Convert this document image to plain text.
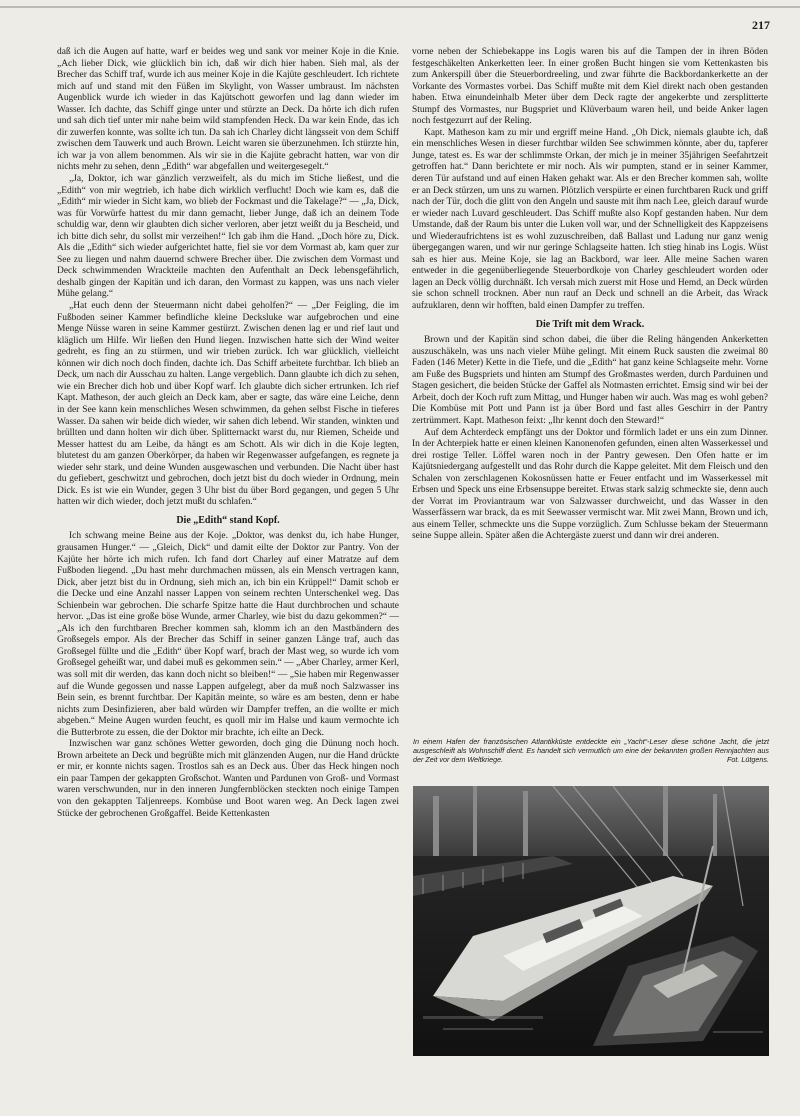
217

daß ich die Augen auf hatte, warf er beides weg und sank vor meiner Koje in die Knie. „Ach lieber Dick, wie glücklich bin ich, daß wir dich hier haben. Sieh mal, als der Brecher das Schiff traf, wurde ich aus meiner Koje in die Kajüte geschleudert. Ich richtete mich auf und stand mit den Füßen im Skylight, von Wasser umbraust. Im nächsten Augenblick wurde ich wieder in das Kajütschott geworfen und lag dann wieder im Wasser. Ich dachte, das Schiff ginge unter und stürzte an Deck. Da hörte ich dich rufen und sah dich tief unter mir nahe beim wild stampfenden Heck. Da war kein Ende, das ich dir zuwerfen konnte, was sollte ich tun. Da sah ich Charley dicht längsseit von dem Schiff zwischen dem Tauwerk und auch Brown. Leicht waren sie überzunehmen. Ich stürzte hin, ich war ja von allem benommen. Als wir sie in die Kajüte gebracht hatten, war von dir nichts mehr zu sehen, denn „Edith“ war abgefallen und weitergesegelt.“

„Ja, Doktor, ich war gänzlich verzweifelt, als du mich im Stiche ließest, und die „Edith“ von mir wegtrieb, ich habe dich wirklich verflucht! Doch wie kam es, daß die „Edith“ mir wieder in Sicht kam, wo blieb der Fockmast und die Takelage?“ — „Ja, Dick, was für Vorwürfe hattest du mir dann gemacht, lieber Junge, daß ich an deinem Tode schuldig war, denn wir glaubten dich sicher verloren, aber jetzt weißt du ja Bescheid, und ich bitte dich sehr, du sollst mir verzeihen!“ Ich gab ihm die Hand. „Doch höre zu, Dick. Als die „Edith“ sich wieder aufgerichtet hatte, fiel sie vor dem Vormast ab, kam quer zur See zu liegen und nahm dauernd schwere Brecher über. Die zwischen dem Vormast und Deck schwimmenden Wrackteile machten den Aufenthalt an Deck lebensgefährlich, deshalb gingen der Kapitän und ich daran, den Vormast zu kappen, was uns nach vieler Mühe gelang.“

„Hat euch denn der Steuermann nicht dabei geholfen?“ — „Der Feigling, die im Fußboden seiner Kammer befindliche kleine Decksluke war aufgebrochen und eine Menge Nüsse waren in seine Kammer gestürzt. Zwischen denen lag er und rief laut und kläglich um Hilfe. Wir ließen den Hund liegen. Inzwischen hatte sich der Wind weiter gedreht, es fing an zu stürmen, und wir trieben zurück. Ich war glücklich, vielleicht können wir dich noch doch finden, dachte ich. Das Schiff arbeitete furchtbar. Ich blieb an Deck, um nach dir Ausschau zu halten. Lange vergeblich. Dann glaubte ich dich zu sehen, wie ein Brecher dich hob und über Kopf warf. Ich glaubte dich sicher ertrunken. Ich rief Kapt. Matheson, der auch gleich an Deck kam, aber er sagte, das wäre eine Leiche, denn in der See kann kein menschliches Wesen schwimmen, da gehen selbst Fische in tieferes Wasser. Da sahen wir beide dich wieder, wir sahen dich lebend. Wir standen, winkten und brüllten und dann holten wir dich über. Splitternackt warst du, nur Riemen, Scheide und Messer hattest du am Leibe, da hängt es am Schott. Als wir dich in die Koje legten, blutetest du am ganzen Oberkörper, da haben wir Regenwasser aufgefangen, es regnete ja wieder sehr stark, und deine Wunden ausgewaschen und verbunden. Die Nacht über hast du gefiebert, geschwitzt und gebrochen, doch jetzt bist du doch wieder in Ordnung, mein Dick. Es ist wie ein Wunder, gegen 3 Uhr bist du über Bord gegangen, und gegen 5 Uhr hatten wir dich wieder, doch jetzt mußt du schlafen.“

Die „Edith“ stand Kopf.

Ich schwang meine Beine aus der Koje. „Doktor, was denkst du, ich habe Hunger, grausamen Hunger.“ — „Gleich, Dick“ und damit eilte der Doktor zur Pantry. Von der Kajüte her hörte ich mich rufen. Ich fand dort Charley auf einer Matratze auf dem Fußboden liegend. „Du hast mehr durchmachen müssen, als ein Mensch vertragen kann, Dick, aber jetzt bist du in Ordnung, sieh mich an, ich bin ein Krüppel!“ Damit schob er die Decke und eine Anzahl nasser Lappen von seinem rechten Unterschenkel weg. Das Schienbein war gebrochen. Die scharfe Spitze hatte die Haut durchbrochen und schaute hervor. „Das ist eine große böse Wunde, armer Charley, wie bist du dazu gekommen?“ — „Als ich den furchtbaren Brecher kommen sah, klomm ich an den Mastbändern des Großsegels empor. Als der Brecher das Schiff in seiner ganzen Länge traf, auch das Großsegel füllte und die „Edith“ über Kopf warf, brach der Mast weg, so wurde ich vom Großsegel geheißt war, und dabei muß es gekommen sein.“ — „Aber Charley, armer Kerl, was soll mit dir werden, das kann doch nicht so bleiben!“ — „Sie haben mir Regenwasser auf die Wunde gegossen und nasse Lappen aufgelegt, aber da muß noch Salzwasser ins Bein sein, es brennt furchtbar. Der Kapitän meinte, so wäre es am besten, denn er habe nichts zum Desinfizieren, aber bald würden wir Dampfer treffen, an die wollte er mich abgeben.“ Meine Augen wurden feucht, es quoll mir im Halse und kaum vermochte ich die Butterbrote zu essen, die der Doktor mir brachte, ich eilte an Deck.

Inzwischen war ganz schönes Wetter geworden, doch ging die Dünung noch hoch. Brown arbeitete an Deck und begrüßte mich mit glänzenden Augen, nur die Hand drückte er mir, er konnte nichts sagen. Trostlos sah es an Deck aus. Über das Heck hingen noch ein paar Tampen der gekappten Großschot. Wanten und Pardunen von Groß- und Vormast waren verschwunden, nur in den inneren Jungfernblöcken steckten noch einige Tampen von den gekappten Taljenreeps. Kombüse und Boot waren weg. An Deck lagen zwei Stücke der gebrochenen Großgaffel. Beide Kettenkasten

vorne neben der Schiebekappe ins Logis waren bis auf die Tampen der in ihren Böden festgeschäkelten Ankerketten leer. In einer großen Bucht hingen sie vom Kettenkasten bis zum Ankerspill über die Steuerbordreeling, und zwar führte die Backbordankerkette an der Vorkante des Vormastes vorbei. Das Schiff mußte mit dem Kiel direkt nach oben gestanden haben. Etwa einundeinhalb Meter über dem Deck ragte der angekerbte und zersplitterte Stumpf des Vormastes, nur Bugspriet und Klüverbaum waren heil, und beide Anker lagen noch festgezurrt auf der Reling.

Kapt. Matheson kam zu mir und ergriff meine Hand. „Oh Dick, niemals glaubte ich, daß ein menschliches Wesen in dieser furchtbar wilden See schwimmen könnte, aber du, tapferer Junge, tatest es. Es war der schlimmste Orkan, der mich je in meiner 35jährigen Seefahrtzeit getroffen hat.“ Dann berichtete er mir noch. Als wir pumpten, stand er in seiner Kammer, deren Tür aufstand und auf einen Haken gehakt war. Als er den Brecher kommen sah, wollte er an Deck stürzen, um uns zu warnen. Plötzlich verspürte er einen furchtbaren Ruck und griff nach der Tür, doch die glitt von den Angeln und sauste mit ihm nach Lee, gleich darauf wurde er wieder nach Luvard geschleudert. Das Schiff mußte also Kopf gestanden haben. Nur dem Umstande, daß der Raum bis unter die Luken voll war, und der Schnelligkeit des Kappzeisens und Wiederaufrichtens ist es wohl zuzuschreiben, daß Ballast und Ladung nur ganz wenig übergegangen waren, und wir nur geringe Schlagseite hatten. Ich stieg hinab ins Logis. Wüst sah es hier aus. Meine Koje, sie lag an Backbord, war leer. Alle meine Sachen waren entweder in die gegenüberliegende Steuerbordkoje von Charley geschleudert worden oder lagen an Deck völlig durchnäßt. Ich versah mich zuerst mit Hose und Hemd, an Deck würden sie schon schnell trocknen. Aber nun rauf an Deck und schnell an die Arbeit, das Wrack aufzuklaren, denn wir hofften, bald einen Dampfer zu treffen.

Die Trift mit dem Wrack.

Brown und der Kapitän sind schon dabei, die über die Reling hängenden Ankerketten auszuschäkeln, was uns nach vieler Mühe gelingt. Mit einem Ruck sausten die zweimal 80 Faden (146 Meter) Kette in die Tiefe, und die „Edith“ hat ganz keine Schlagseite mehr. Vorne am Fuße des Bugspriets und hinten am Stumpf des Großmastes werden, durch Parduinen und Stagen gesichert, die beiden Stücke der Gaffel als Notmasten errichtet. Emsig sind wir bei der Arbeit, doch der Koch ruft zum Mittag, und Hunger haben wir auch. Was mag es wohl geben? Die Kombüse mit Pott und Pann ist ja über Bord und fast alles Geschirr in der Pantry zertrümmert. Kapt. Matheson feixt: „Ihr kennt doch den Steward!“

Auf dem Achterdeck empfängt uns der Doktor und förmlich ladet er uns ein zum Dinner. In der Achterpiek hatte er einen kleinen Kanonenofen gefunden, einen alten Wasserkessel und drei rostige Teller. Löffel waren noch in der Pantry gewesen. Den Ofen hatte er im Kajütsniedergang aufgestellt und das Rohr durch die Kappe geleitet. Mit dem Fleisch und den Schalen von zerschlagenen Kokosnüssen hatte er Feuer entfacht und im Wasserkessel mit Erbsen und Speck uns eine Erbsensuppe bereitet. Etwas stark salzig schmeckte sie, denn auch der Vorrat im Proviantraum war von Salzwasser durchweicht, und das Wasser in den Wasserfässern war brack, da es mit Seewasser vermischt war. Mit zwei Mann, Brown und ich, aus einem Teller, schmeckte uns die Suppe vorzüglich. Zum Schlusse bekam der Steuermann seine Suppe allein. Später aßen die Achtergäste zuerst und dann wir drei anderen.

In einem Hafen der französischen Atlantikküste entdeckte ein „Yacht“-Leser diese schöne Jacht, die jetzt ausgeschleift als Wohnschiff dient. Es handelt sich vermutlich um eine der bekannten großen Rennjachten aus der Zeit vor dem Weltkriege.	Fot. Lütgens.
